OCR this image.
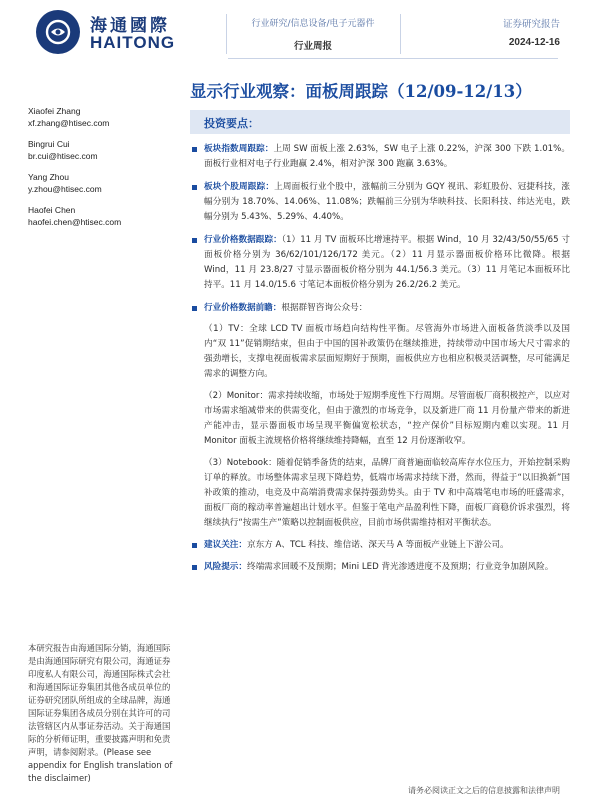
海通國際
HAITONG
行业研究/信息设备/电子元器件
行业周报
证券研究报告
2024-12-16
显示行业观察：面板周跟踪（12/09-12/13）
Xiaofei Zhang
xf.zhang@htisec.com
Bingrui Cui
br.cui@htisec.com
Yang Zhou
y.zhou@htisec.com
Haofei Chen
haofei.chen@htisec.com
投资要点：
板块指数周跟踪：上周 SW 面板上涨 2.63%，SW 电子上涨 0.22%，沪深 300 下跌 1.01%。面板行业相对电子行业跑赢 2.4%，相对沪深 300 跑赢 3.63%。
板块个股周跟踪：上周面板行业个股中，涨幅前三分别为 GQY 视讯、彩虹股份、冠捷科技，涨幅分别为 18.70%、14.06%、11.08%；跌幅前三分别为华映科技、长阳科技、纬达光电，跌幅分别为 5.43%、5.29%、4.40%。
行业价格数据跟踪：（1）11 月 TV 面板环比增速持平。根据 Wind，10 月 32/43/50/55/65 寸面板价格分别为 36/62/101/126/172 美元。（2）11 月显示器面板价格环比微降。根据 Wind，11 月 23.8/27 寸显示器面板价格分别为 44.1/56.3 美元。（3）11 月笔记本面板环比持平。11 月 14.0/15.6 寸笔记本面板价格分别为 26.2/26.2 美元。
行业价格数据前瞻：根据群智咨询公众号：
（1）TV：全球 LCD TV 面板市场趋向结构性平衡。尽管海外市场进入面板备货淡季以及国内“双 11”促销期结束，但由于中国的国补政策仍在继续推进，持续带动中国市场大尺寸需求的强劲增长，支撑电视面板需求层面短期好于预期，面板供应方也相应积极灵活调整，尽可能满足需求的调整方向。
（2）Monitor：需求持续收缩，市场处于短期季度性下行周期。尽管面板厂商积极控产，以应对市场需求缩减带来的供需变化，但由于激烈的市场竞争，以及新进厂商 11 月份量产带来的新进产能冲击，显示器面板市场呈现平衡偏宽松状态，“控产保价”目标短期内难以实现。11 月 Monitor 面板主流规格价格将继续维持降幅，直至 12 月份逐渐收窄。
（3）Notebook：随着促销季备货的结束，品牌厂商普遍面临较高库存水位压力，开始控制采购订单的释放。市场整体需求呈现下降趋势，低端市场需求持续下滑，然而，得益于“以旧换新”国补政策的推动，电竞及中高端消费需求保持强劲势头。由于 TV 和中高端笔电市场的旺盛需求，面板厂商的稼动率普遍超出计划水平。但鉴于笔电产品盈利性下降，面板厂商稳价诉求强烈，将继续执行“按需生产”策略以控制面板供应，目前市场供需维持相对平衡状态。
建议关注：京东方 A、TCL 科技、维信诺、深天马 A 等面板产业链上下游公司。
风险提示：终端需求回暖不及预期；Mini LED 背光渗透进度不及预期；行业竞争加剧风险。
本研究报告由海通国际分销，海通国际是由海通国际研究有限公司，海通证券印度私人有限公司，海通国际株式会社和海通国际证券集团其他各成员单位的证券研究团队所组成的全球品牌，海通国际证券集团各成员分别在其许可的司法管辖区内从事证券活动。关于海通国际的分析师证明，重要披露声明和免责声明，请参阅附录。(Please see appendix for English translation of the disclaimer)
请务必阅读正文之后的信息披露和法律声明
